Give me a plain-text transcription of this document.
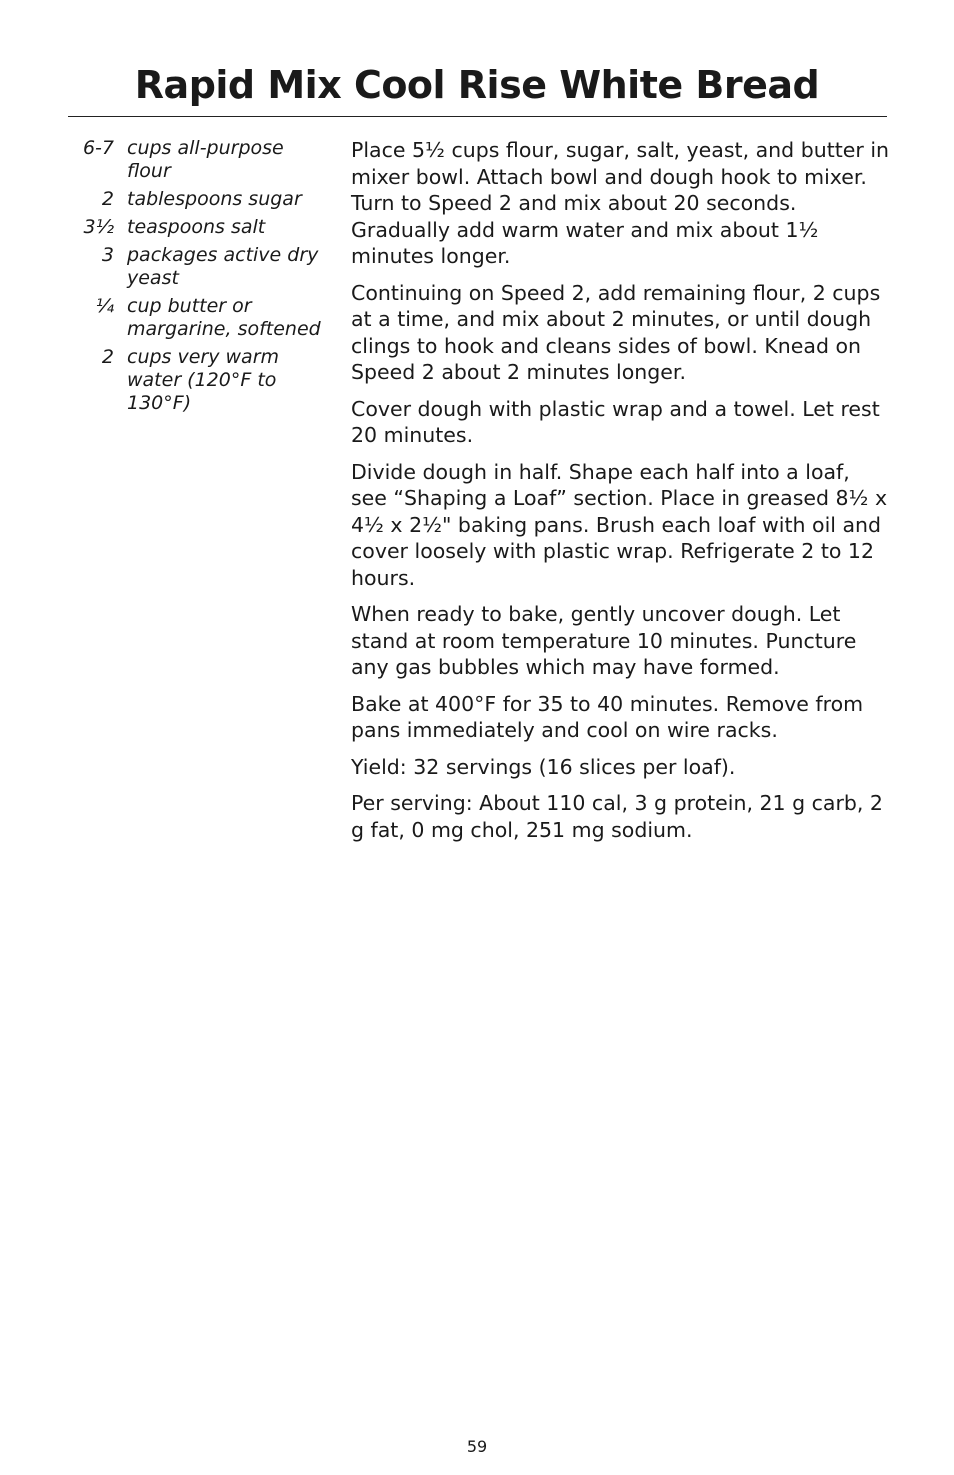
Rapid Mix Cool Rise White Bread
6-7 cups all-purpose flour
2 tablespoons sugar
3½ teaspoons salt
3 packages active dry yeast
¼ cup butter or margarine, softened
2 cups very warm water (120°F to 130°F)

Place 5½ cups flour, sugar, salt, yeast, and butter in mixer bowl. Attach bowl and dough hook to mixer. Turn to Speed 2 and mix about 20 seconds. Gradually add warm water and mix about 1½ minutes longer.

Continuing on Speed 2, add remaining flour, 2 cups at a time, and mix about 2 minutes, or until dough clings to hook and cleans sides of bowl. Knead on Speed 2 about 2 minutes longer.

Cover dough with plastic wrap and a towel. Let rest 20 minutes.

Divide dough in half. Shape each half into a loaf, see “Shaping a Loaf” section. Place in greased 8½ x 4½ x 2½" baking pans. Brush each loaf with oil and cover loosely with plastic wrap. Refrigerate 2 to 12 hours.

When ready to bake, gently uncover dough. Let stand at room temperature 10 minutes. Puncture any gas bubbles which may have formed.

Bake at 400°F for 35 to 40 minutes. Remove from pans immediately and cool on wire racks.

Yield: 32 servings (16 slices per loaf).

Per serving: About 110 cal, 3 g protein, 21 g carb, 2 g fat, 0 mg chol, 251 mg sodium.

59
